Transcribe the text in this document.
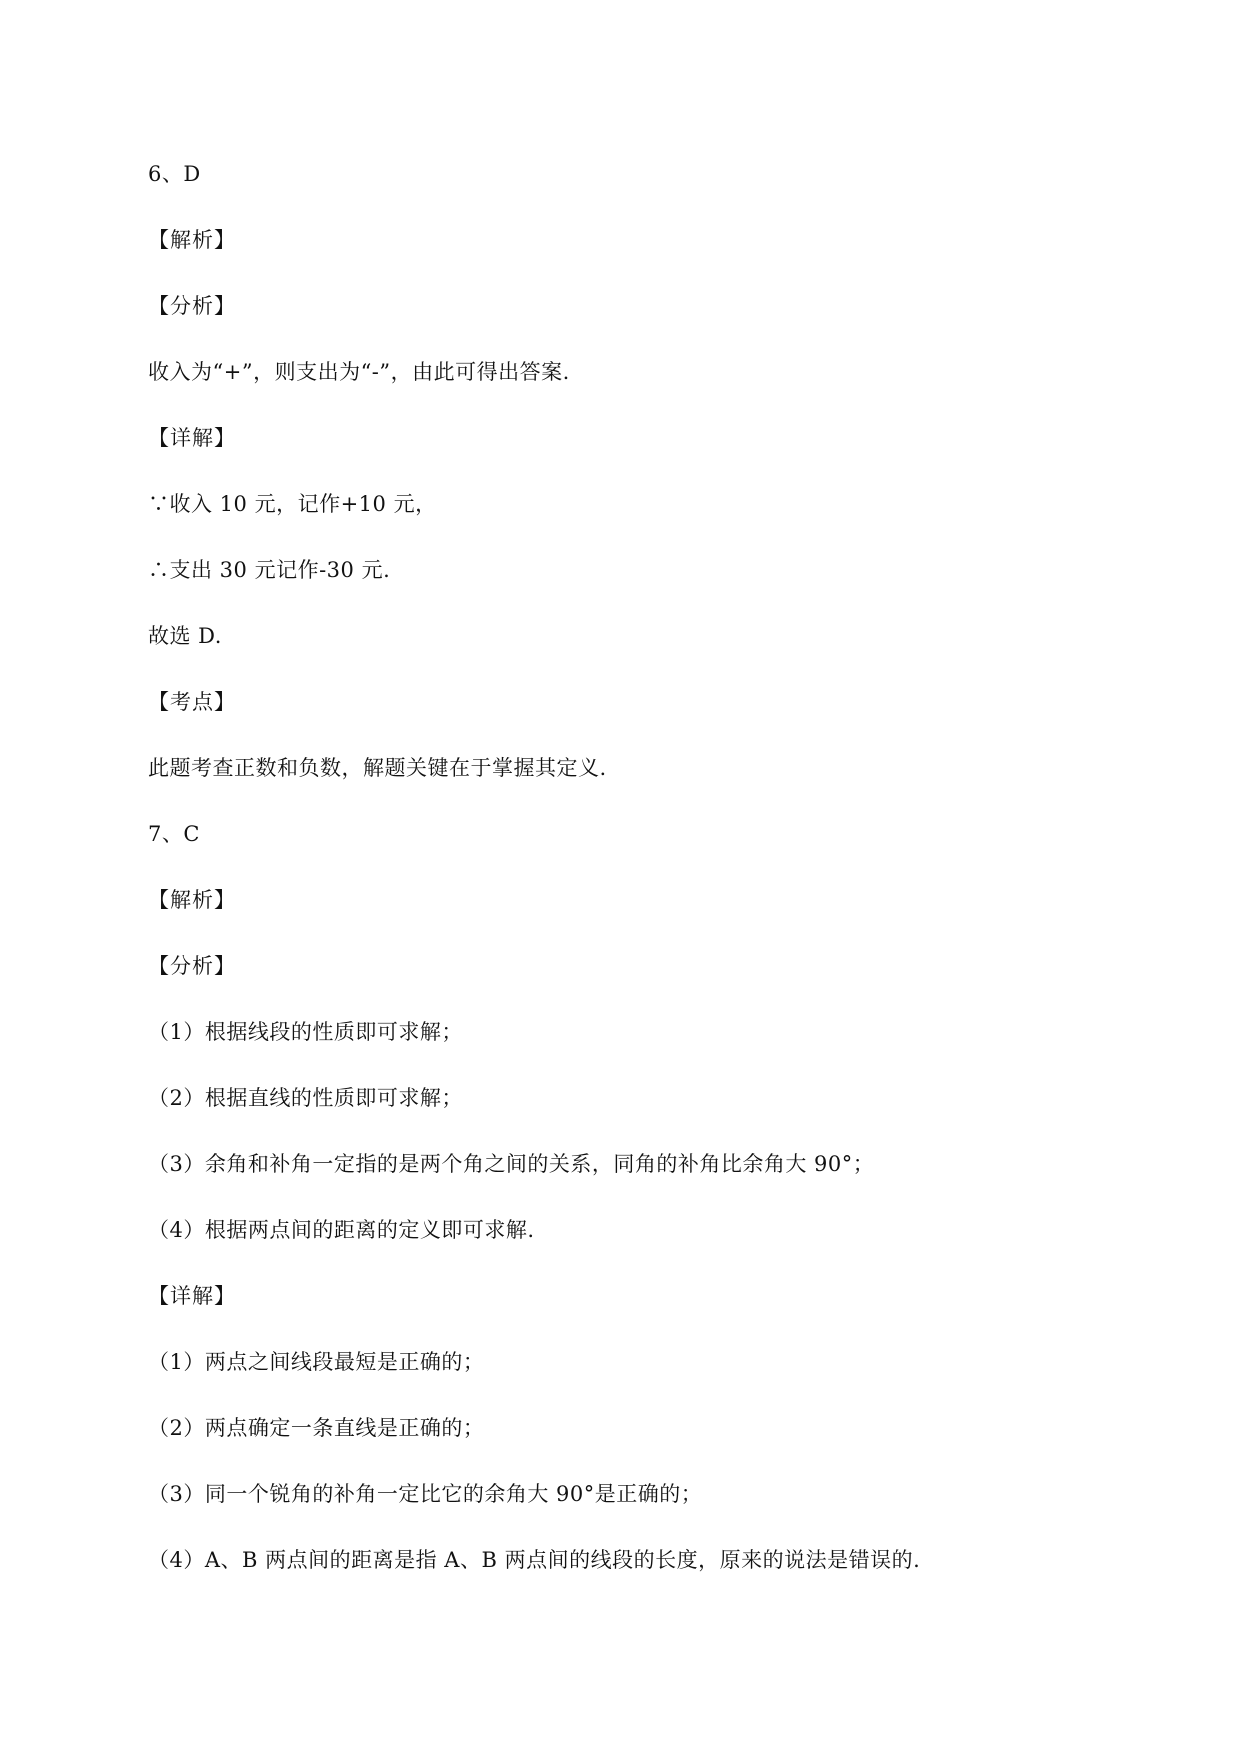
6、D
【解析】
【分析】
收入为“+”，则支出为“-”，由此可得出答案.
【详解】
∵收入 10 元，记作+10 元，
∴支出 30 元记作-30 元.
故选 D.
【考点】
此题考查正数和负数，解题关键在于掌握其定义.
7、C
【解析】
【分析】
（1）根据线段的性质即可求解；
（2）根据直线的性质即可求解；
（3）余角和补角一定指的是两个角之间的关系，同角的补角比余角大 90°；
（4）根据两点间的距离的定义即可求解.
【详解】
（1）两点之间线段最短是正确的；
（2）两点确定一条直线是正确的；
（3）同一个锐角的补角一定比它的余角大 90°是正确的；
（4）A、B 两点间的距离是指 A、B 两点间的线段的长度，原来的说法是错误的.
